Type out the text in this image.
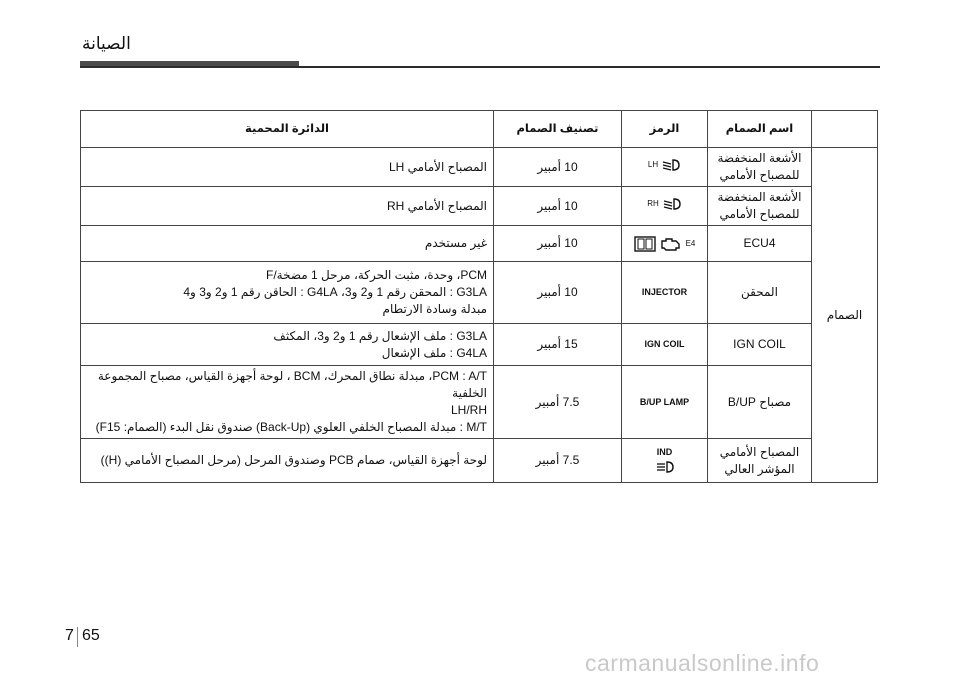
الصيانة
	اسم الصمام	الرمز	تصنيف الصمام	الدائرة المحمية
الصمام	الأشعة المنخفضة
للمصباح الأمامي	LH	10 أمبير	المصباح الأمامي LH

	الأشعة المنخفضة
للمصباح الأمامي	RH	10 أمبير	المصباح الأمامي RH

	ECU4	E4	10 أمبير	غير مستخدم

	المحقن	INJECTOR	10 أمبير	PCM، وحدة، مثبت الحركة، مرحل 1 مضخة/F
G3LA : المحقن رقم 1 و2 و3، G4LA : الحاقن رقم 1 و2 و3 و4
مبدلة وسادة الارتطام

	IGN COIL	IGN COIL	15 أمبير	G3LA : ملف الإشعال رقم 1 و2 و3، المكثف
G4LA : ملف الإشعال

	مصباح B/UP	B/UP LAMP	7.5 أمبير	PCM : A/T، مبدلة نطاق المحرك، BCM ، لوحة أجهزة القياس، مصباح المجموعة الخلفية
LH/RH
M/T : مبدلة المصباح الخلفي العلوي (Back-Up) صندوق نقل البدء (الصمام: F15)

	المصباح الأمامي
المؤشر العالي	IND	7.5 أمبير	لوحة أجهزة القياس، صمام PCB وصندوق المرحل (مرحل المصباح الأمامي (H))
7 65
carmanualsonline.info
